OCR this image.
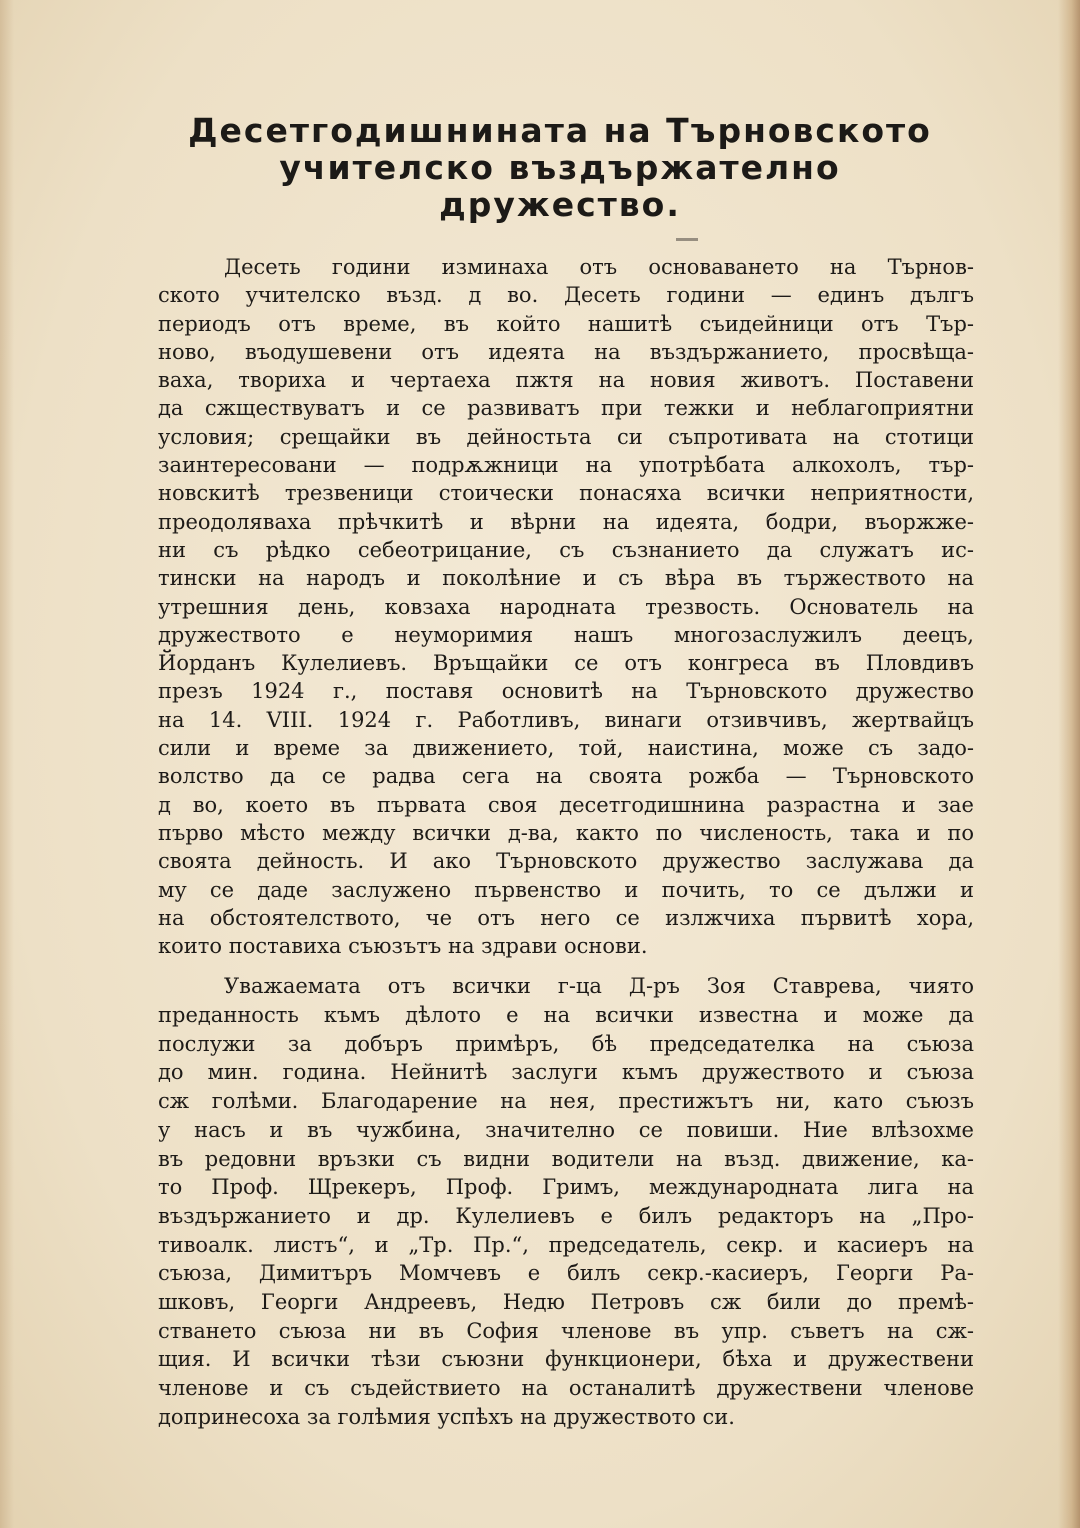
Десетгодишнината на Търновското
учителско въздържателно
дружество.

Десеть години изминаха отъ основаването на Търнов-
ското учителско възд. д во. Десеть години — единъ дългъ
периодъ отъ време, въ който нашитѣ съидейници отъ Тър-
ново, въодушевени отъ идеята на въздържанието, просвѣща-
ваха, твориха и чертаеха пжтя на новия животъ. Поставени
да сжществуватъ и се развиватъ при тежки и неблагоприятни
условия; срещайки въ дейностьта си съпротивата на стотици
заинтересовани — подрѫжници на употрѣбата алкохолъ, тър-
новскитѣ трезвеници стоически понасяха всички неприятности,
преодоляваха прѣчкитѣ и вѣрни на идеята, бодри, въоржже-
ни съ рѣдко себеотрицание, съ съзнанието да служатъ ис-
тински на народъ и поколѣние и съ вѣра въ тържеството на
утрешния день, ковзаха народната трезвость. Основатель на
дружеството е неуморимия нашъ многозаслужилъ деецъ,
Йорданъ Кулелиевъ. Връщайки се отъ конгреса въ Пловдивъ
презъ 1924 г., поставя основитѣ на Търновското дружество
на 14. VIII. 1924 г. Работливъ, винаги отзивчивъ, жертвайцъ
сили и време за движението, той, наистина, може съ задо-
волство да се радва сега на своята рожба — Търновското
д во, което въ първата своя десетгодишнина разрастна и зае
първо мѣсто между всички д-ва, както по численость, така и по
своята дейность. И ако Търновското дружество заслужава да
му се даде заслужено първенство и почить, то се дължи и
на обстоятелството, че отъ него се излжчиха първитѣ хора,
които поставиха съюзътъ на здрави основи.

Уважаемата отъ всички г-ца Д-ръ Зоя Ставрева, чиято
преданность къмъ дѣлото е на всички известна и може да
послужи за добъръ примѣръ, бѣ председателка на съюза
до мин. година. Нейнитѣ заслуги къмъ дружеството и съюза
сж голѣми. Благодарение на нея, престижътъ ни, като съюзъ
у насъ и въ чужбина, значително се повиши. Ние влѣзохме
въ редовни връзки съ видни водители на възд. движение, ка-
то Проф. Щрекеръ, Проф. Гримъ, международната лига на
въздържанието и др. Кулелиевъ е билъ редакторъ на „Про-
тивоалк. листъ“, и „Тр. Пр.“, председатель, секр. и касиеръ на
съюза, Димитъръ Момчевъ е билъ секр.-касиеръ, Георги Ра-
шковъ, Георги Андреевъ, Недю Петровъ сж били до премѣ-
стването съюза ни въ София членове въ упр. съветъ на сж-
щия. И всички тѣзи съюзни функционери, бѣха и дружествени
членове и съ съдействието на останалитѣ дружествени членове
допринесоха за голѣмия успѣхъ на дружеството си.
